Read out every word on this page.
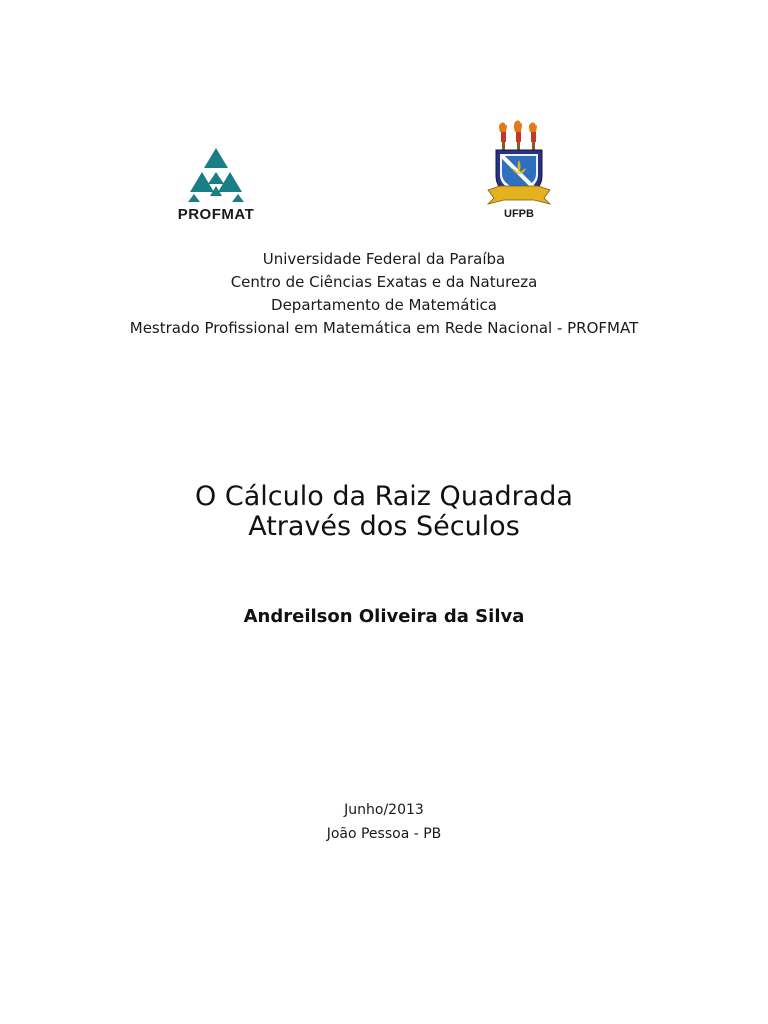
PROFMAT	UFPB
Universidade Federal da Paraíba
Centro de Ciências Exatas e da Natureza
Departamento de Matemática
Mestrado Profissional em Matemática em Rede Nacional - PROFMAT
O Cálculo da Raiz Quadrada
Através dos Séculos
Andreilson Oliveira da Silva
Junho/2013
João Pessoa - PB
